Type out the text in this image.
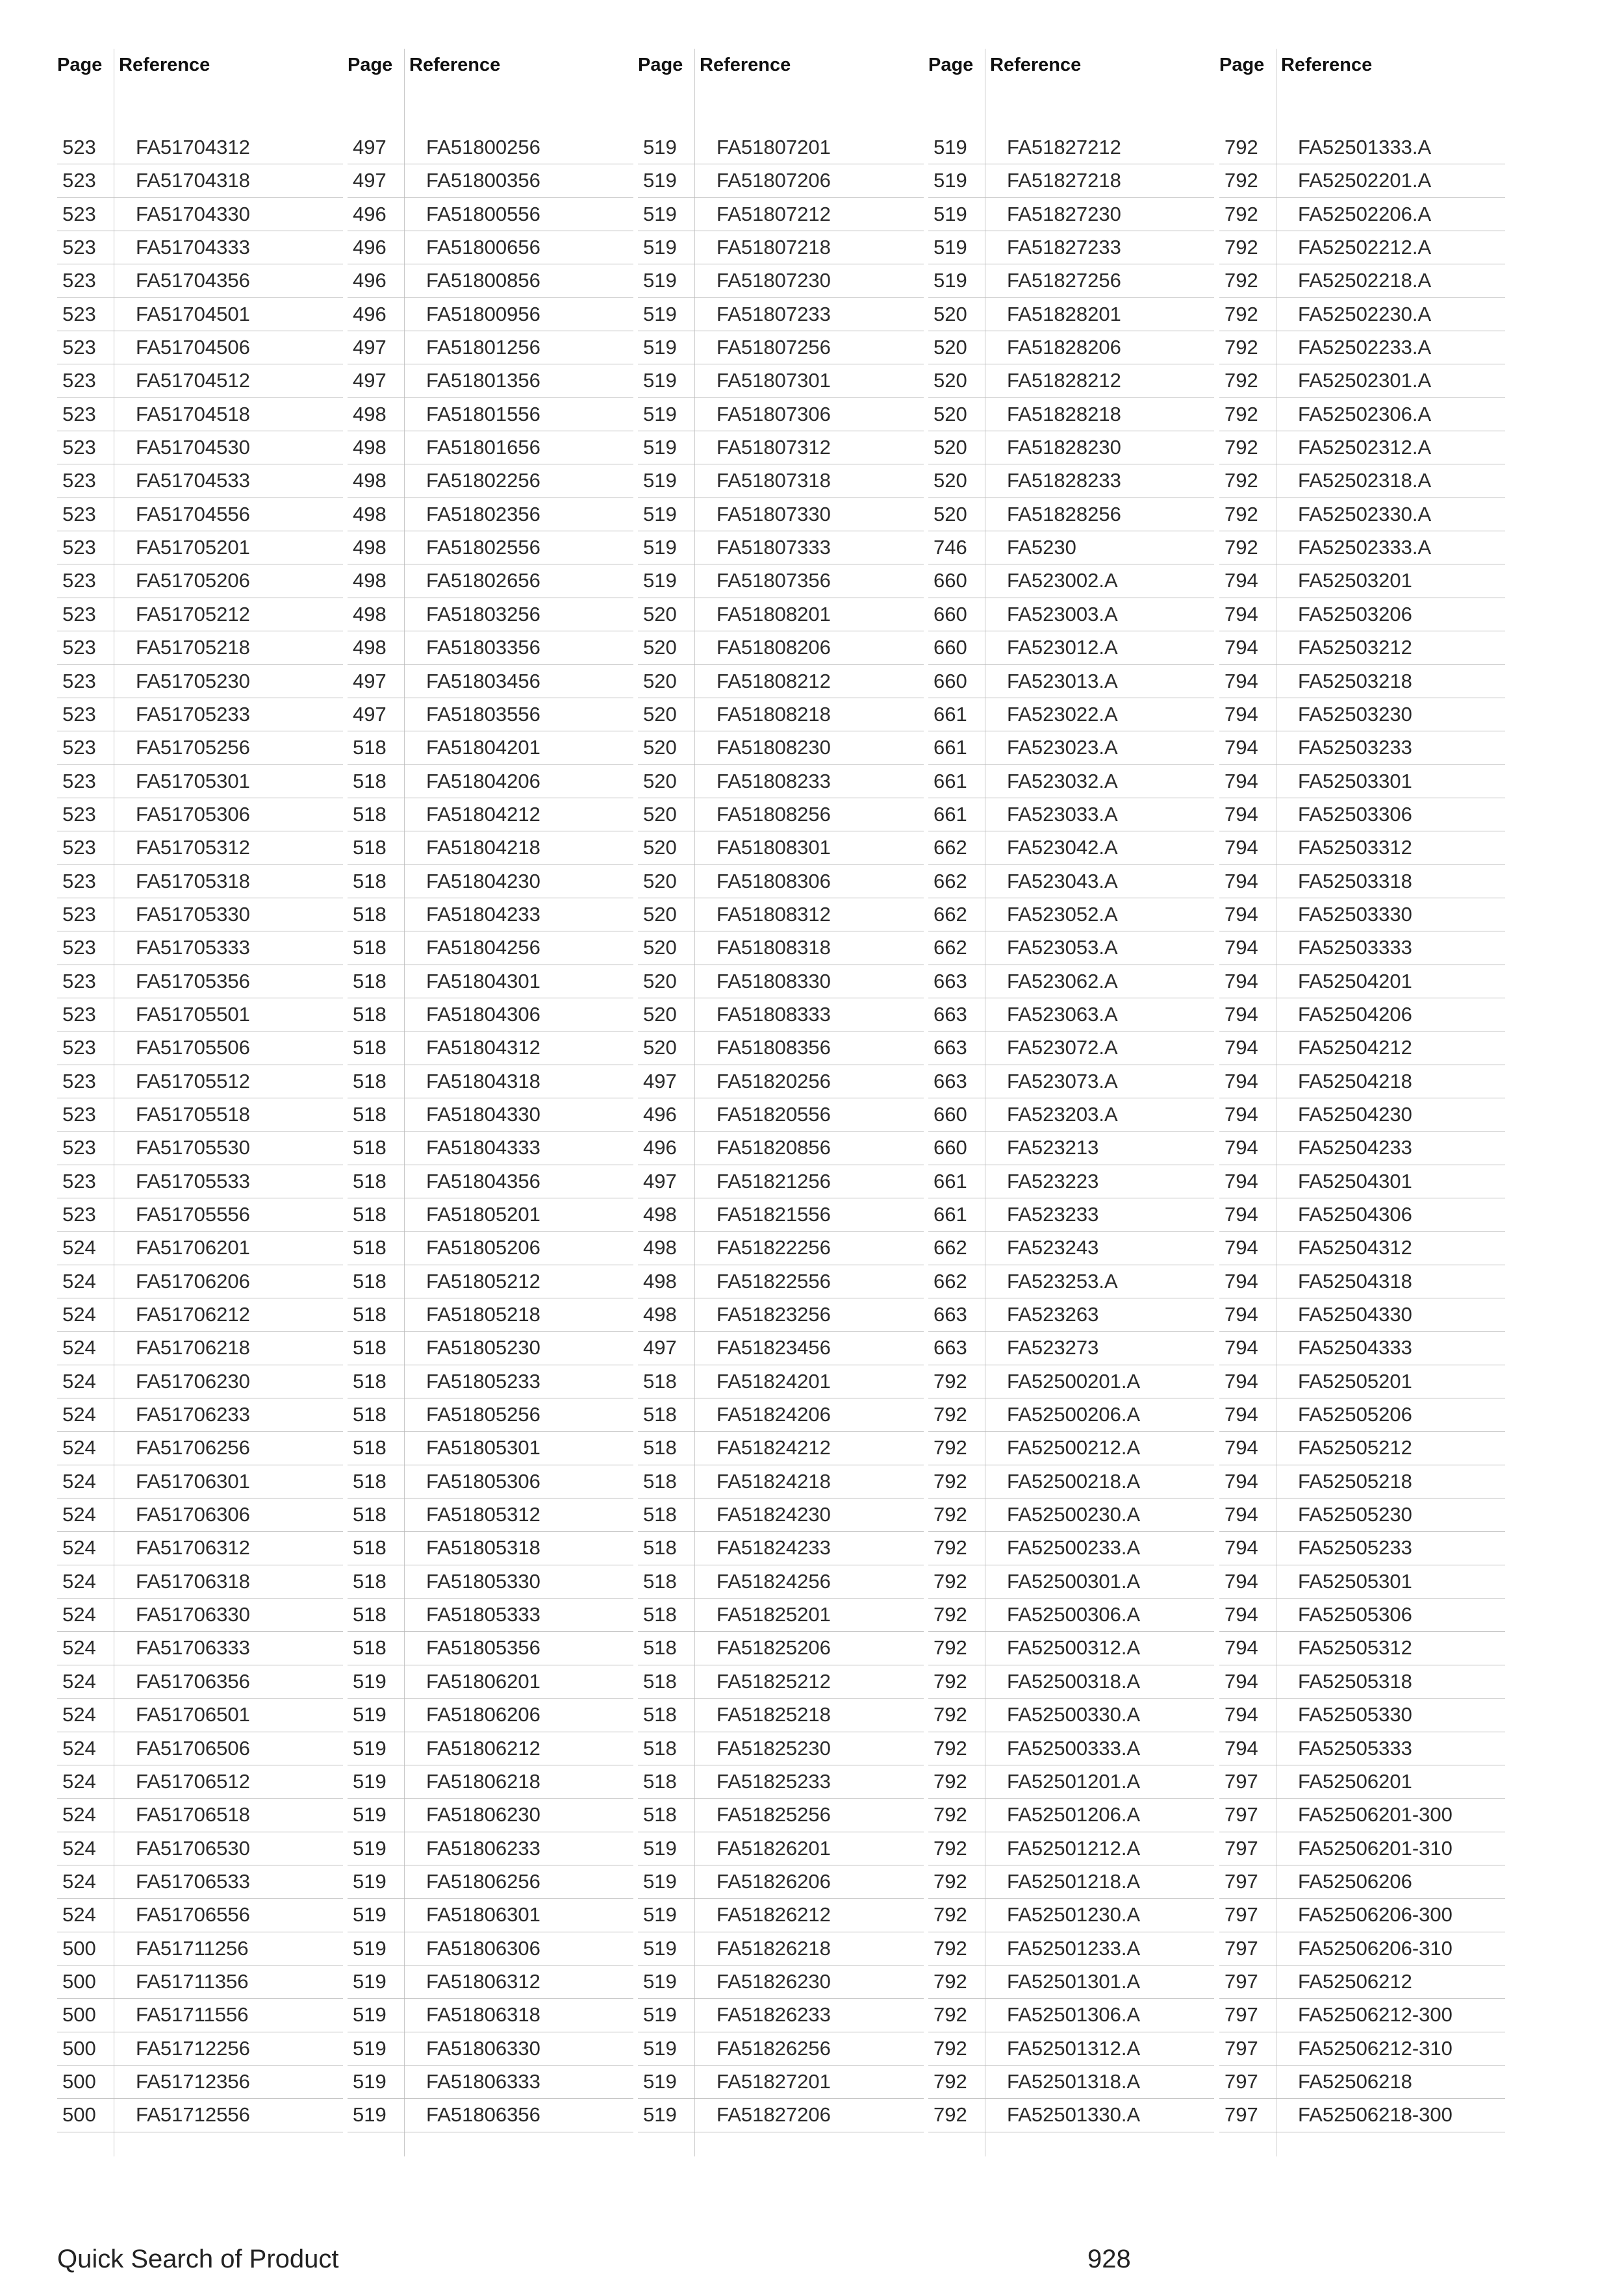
Page Reference
523 FA51704312
523 FA51704318
523 FA51704330
523 FA51704333
523 FA51704356
523 FA51704501
523 FA51704506
523 FA51704512
523 FA51704518
523 FA51704530
523 FA51704533
523 FA51704556
523 FA51705201
523 FA51705206
523 FA51705212
523 FA51705218
523 FA51705230
523 FA51705233
523 FA51705256
523 FA51705301
523 FA51705306
523 FA51705312
523 FA51705318
523 FA51705330
523 FA51705333
523 FA51705356
523 FA51705501
523 FA51705506
523 FA51705512
523 FA51705518
523 FA51705530
523 FA51705533
523 FA51705556
524 FA51706201
524 FA51706206
524 FA51706212
524 FA51706218
524 FA51706230
524 FA51706233
524 FA51706256
524 FA51706301
524 FA51706306
524 FA51706312
524 FA51706318
524 FA51706330
524 FA51706333
524 FA51706356
524 FA51706501
524 FA51706506
524 FA51706512
524 FA51706518
524 FA51706530
524 FA51706533
524 FA51706556
500 FA51711256
500 FA51711356
500 FA51711556
500 FA51712256
500 FA51712356
500 FA51712556
Page Reference
497 FA51800256
497 FA51800356
496 FA51800556
496 FA51800656
496 FA51800856
496 FA51800956
497 FA51801256
497 FA51801356
498 FA51801556
498 FA51801656
498 FA51802256
498 FA51802356
498 FA51802556
498 FA51802656
498 FA51803256
498 FA51803356
497 FA51803456
497 FA51803556
518 FA51804201
518 FA51804206
518 FA51804212
518 FA51804218
518 FA51804230
518 FA51804233
518 FA51804256
518 FA51804301
518 FA51804306
518 FA51804312
518 FA51804318
518 FA51804330
518 FA51804333
518 FA51804356
518 FA51805201
518 FA51805206
518 FA51805212
518 FA51805218
518 FA51805230
518 FA51805233
518 FA51805256
518 FA51805301
518 FA51805306
518 FA51805312
518 FA51805318
518 FA51805330
518 FA51805333
518 FA51805356
519 FA51806201
519 FA51806206
519 FA51806212
519 FA51806218
519 FA51806230
519 FA51806233
519 FA51806256
519 FA51806301
519 FA51806306
519 FA51806312
519 FA51806318
519 FA51806330
519 FA51806333
519 FA51806356
Page Reference
519 FA51807201
519 FA51807206
519 FA51807212
519 FA51807218
519 FA51807230
519 FA51807233
519 FA51807256
519 FA51807301
519 FA51807306
519 FA51807312
519 FA51807318
519 FA51807330
519 FA51807333
519 FA51807356
520 FA51808201
520 FA51808206
520 FA51808212
520 FA51808218
520 FA51808230
520 FA51808233
520 FA51808256
520 FA51808301
520 FA51808306
520 FA51808312
520 FA51808318
520 FA51808330
520 FA51808333
520 FA51808356
497 FA51820256
496 FA51820556
496 FA51820856
497 FA51821256
498 FA51821556
498 FA51822256
498 FA51822556
498 FA51823256
497 FA51823456
518 FA51824201
518 FA51824206
518 FA51824212
518 FA51824218
518 FA51824230
518 FA51824233
518 FA51824256
518 FA51825201
518 FA51825206
518 FA51825212
518 FA51825218
518 FA51825230
518 FA51825233
518 FA51825256
519 FA51826201
519 FA51826206
519 FA51826212
519 FA51826218
519 FA51826230
519 FA51826233
519 FA51826256
519 FA51827201
519 FA51827206
Page Reference
519 FA51827212
519 FA51827218
519 FA51827230
519 FA51827233
519 FA51827256
520 FA51828201
520 FA51828206
520 FA51828212
520 FA51828218
520 FA51828230
520 FA51828233
520 FA51828256
746 FA5230
660 FA523002.A
660 FA523003.A
660 FA523012.A
660 FA523013.A
661 FA523022.A
661 FA523023.A
661 FA523032.A
661 FA523033.A
662 FA523042.A
662 FA523043.A
662 FA523052.A
662 FA523053.A
663 FA523062.A
663 FA523063.A
663 FA523072.A
663 FA523073.A
660 FA523203.A
660 FA523213
661 FA523223
661 FA523233
662 FA523243
662 FA523253.A
663 FA523263
663 FA523273
792 FA52500201.A
792 FA52500206.A
792 FA52500212.A
792 FA52500218.A
792 FA52500230.A
792 FA52500233.A
792 FA52500301.A
792 FA52500306.A
792 FA52500312.A
792 FA52500318.A
792 FA52500330.A
792 FA52500333.A
792 FA52501201.A
792 FA52501206.A
792 FA52501212.A
792 FA52501218.A
792 FA52501230.A
792 FA52501233.A
792 FA52501301.A
792 FA52501306.A
792 FA52501312.A
792 FA52501318.A
792 FA52501330.A
Page Reference
792 FA52501333.A
792 FA52502201.A
792 FA52502206.A
792 FA52502212.A
792 FA52502218.A
792 FA52502230.A
792 FA52502233.A
792 FA52502301.A
792 FA52502306.A
792 FA52502312.A
792 FA52502318.A
792 FA52502330.A
792 FA52502333.A
794 FA52503201
794 FA52503206
794 FA52503212
794 FA52503218
794 FA52503230
794 FA52503233
794 FA52503301
794 FA52503306
794 FA52503312
794 FA52503318
794 FA52503330
794 FA52503333
794 FA52504201
794 FA52504206
794 FA52504212
794 FA52504218
794 FA52504230
794 FA52504233
794 FA52504301
794 FA52504306
794 FA52504312
794 FA52504318
794 FA52504330
794 FA52504333
794 FA52505201
794 FA52505206
794 FA52505212
794 FA52505218
794 FA52505230
794 FA52505233
794 FA52505301
794 FA52505306
794 FA52505312
794 FA52505318
794 FA52505330
794 FA52505333
797 FA52506201
797 FA52506201-300
797 FA52506201-310
797 FA52506206
797 FA52506206-300
797 FA52506206-310
797 FA52506212
797 FA52506212-300
797 FA52506212-310
797 FA52506218
797 FA52506218-300
Quick Search of Product	928
